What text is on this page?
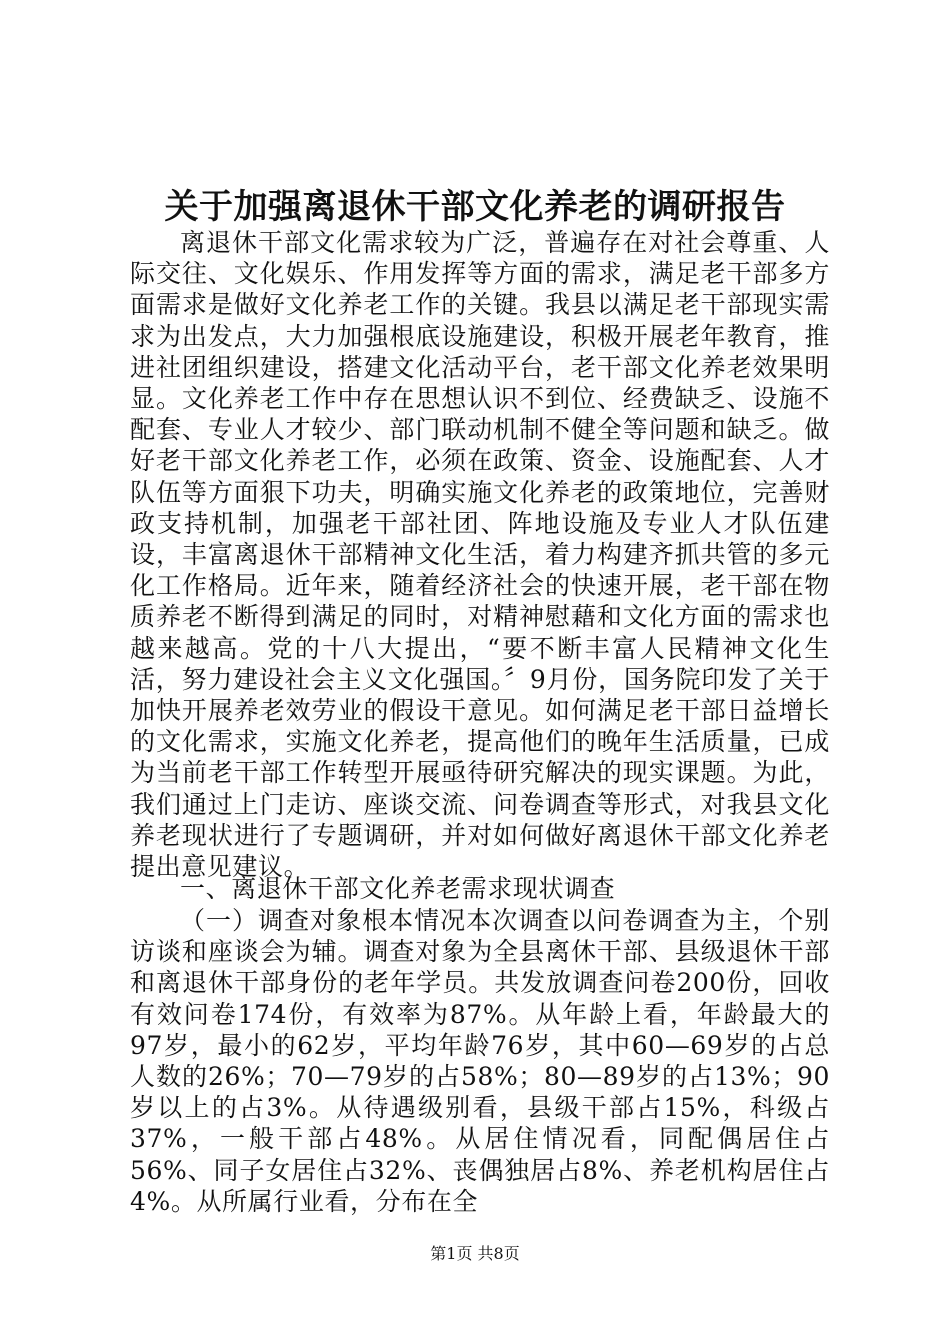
关于加强离退休干部文化养老的调研报告

离退休干部文化需求较为广泛，普遍存在对社会尊重、人际交往、文化娱乐、作用发挥等方面的需求，满足老干部多方面需求是做好文化养老工作的关键。我县以满足老干部现实需求为出发点，大力加强根底设施建设，积极开展老年教育，推进社团组织建设，搭建文化活动平台，老干部文化养老效果明显。文化养老工作中存在思想认识不到位、经费缺乏、设施不配套、专业人才较少、部门联动机制不健全等问题和缺乏。做好老干部文化养老工作，必须在政策、资金、设施配套、人才队伍等方面狠下功夫，明确实施文化养老的政策地位，完善财政支持机制，加强老干部社团、阵地设施及专业人才队伍建设，丰富离退休干部精神文化生活，着力构建齐抓共管的多元化工作格局。近年来，随着经济社会的快速开展，老干部在物质养老不断得到满足的同时，对精神慰藉和文化方面的需求也越来越高。党的十八大提出，“要不断丰富人民精神文化生活，努力建设社会主义文化强国。〞9月份，国务院印发了关于加快开展养老效劳业的假设干意见。如何满足老干部日益增长的文化需求，实施文化养老，提高他们的晚年生活质量，已成为当前老干部工作转型开展亟待研究解决的现实课题。为此，我们通过上门走访、座谈交流、问卷调查等形式，对我县文化养老现状进行了专题调研，并对如何做好离退休干部文化养老提出意见建议。

一、离退休干部文化养老需求现状调查

（一）调查对象根本情况本次调查以问卷调查为主，个别访谈和座谈会为辅。调查对象为全县离休干部、县级退休干部和离退休干部身份的老年学员。共发放调查问卷200份，回收有效问卷174份，有效率为87%。从年龄上看，年龄最大的97岁，最小的62岁，平均年龄76岁，其中60—69岁的占总人数的26%；70—79岁的占58%；80—89岁的占13%；90岁以上的占3%。从待遇级别看，县级干部占15%，科级占37%，一般干部占48%。从居住情况看，同配偶居住占56%、同子女居住占32%、丧偶独居占8%、养老机构居住占4%。从所属行业看，分布在全

第1页 共8页
